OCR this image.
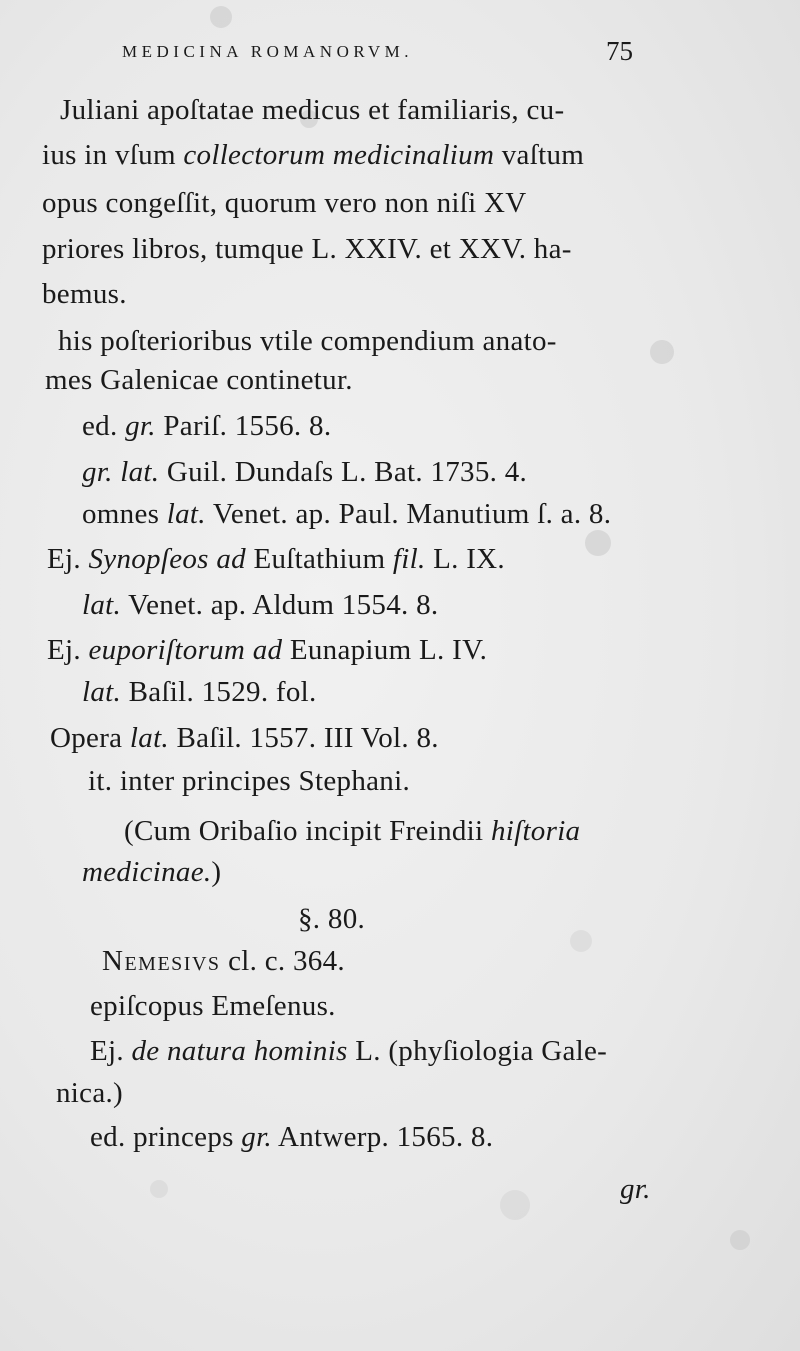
MEDICINA ROMANORVM.	75
Juliani apoſtatae medicus et familiaris, cu-
ius in vſum collectorum medicinalium vaſtum
opus congeſſit, quorum vero non niſi XV
priores libros, tumque L. XXIV. et XXV. ha-
bemus.
his poſterioribus vtile compendium anato-
mes Galenicae continetur.
ed. gr. Pariſ. 1556. 8.
gr. lat. Guil. Dundaſs L. Bat. 1735. 4.
omnes lat. Venet. ap. Paul. Manutium ſ. a. 8.
Ej. Synopſeos ad Euſtathium fil. L. IX.
lat. Venet. ap. Aldum 1554. 8.
Ej. euporiſtorum ad Eunapium L. IV.
lat. Baſil. 1529. fol.
Opera lat. Baſil. 1557. III Vol. 8.
it. inter principes Stephani.
(Cum Oribaſio incipit Freindii hiſtoria
medicinae.)
§. 80.
Nemesivs cl. c. 364.
epiſcopus Emeſenus.
Ej. de natura hominis L. (phyſiologia Gale-
nica.)
ed. princeps gr. Antwerp. 1565. 8.
gr.
